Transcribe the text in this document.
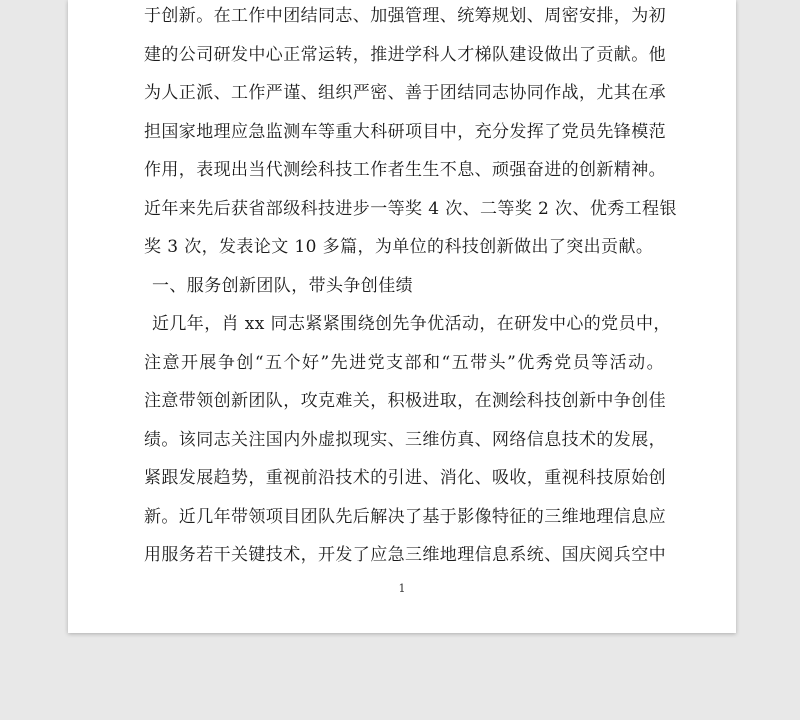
于创新。在工作中团结同志、加强管理、统筹规划、周密安排，为初
建的公司研发中心正常运转，推进学科人才梯队建设做出了贡献。他
为人正派、工作严谨、组织严密、善于团结同志协同作战，尤其在承
担国家地理应急监测车等重大科研项目中，充分发挥了党员先锋模范
作用，表现出当代测绘科技工作者生生不息、顽强奋进的创新精神。
近年来先后获省部级科技进步一等奖 4 次、二等奖 2 次、优秀工程银
奖 3 次，发表论文 10 多篇，为单位的科技创新做出了突出贡献。
一、服务创新团队，带头争创佳绩
近几年，肖 xx 同志紧紧围绕创先争优活动，在研发中心的党员中，
注意开展争创“五个好”先进党支部和“五带头”优秀党员等活动。
注意带领创新团队，攻克难关，积极进取，在测绘科技创新中争创佳
绩。该同志关注国内外虚拟现实、三维仿真、网络信息技术的发展，
紧跟发展趋势，重视前沿技术的引进、消化、吸收，重视科技原始创
新。近几年带领项目团队先后解决了基于影像特征的三维地理信息应
用服务若干关键技术，开发了应急三维地理信息系统、国庆阅兵空中
1
